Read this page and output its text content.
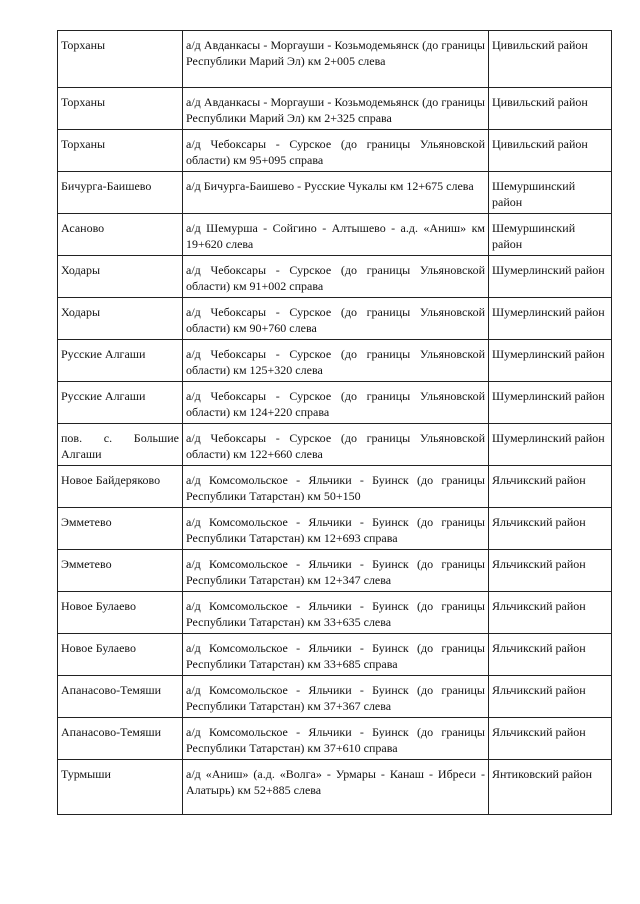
Торханы	а/д Авданкасы - Моргауши - Козьмодемьянск (до границы Республики Марий Эл) км 2+005 слева	Цивильский район
Торханы	а/д Авданкасы - Моргауши - Козьмодемьянск (до границы Республики Марий Эл) км 2+325 справа	Цивильский район
Торханы	а/д Чебоксары - Сурское (до границы Ульяновской области) км 95+095 справа	Цивильский район
Бичурга-Баишево	а/д Бичурга-Баишево - Русские Чукалы км 12+675 слева	Шемуршинский район
Асаново	а/д Шемурша - Сойгино - Алтышево - а.д. «Аниш» км 19+620 слева	Шемуршинский район
Ходары	а/д Чебоксары - Сурское (до границы Ульяновской области) км 91+002 справа	Шумерлинский район
Ходары	а/д Чебоксары - Сурское (до границы Ульяновской области) км 90+760 слева	Шумерлинский район
Русские Алгаши	а/д Чебоксары - Сурское (до границы Ульяновской области) км 125+320 слева	Шумерлинский район
Русские Алгаши	а/д Чебоксары - Сурское (до границы Ульяновской области) км 124+220 справа	Шумерлинский район
пов. с. Большие Алгаши	а/д Чебоксары - Сурское (до границы Ульяновской области) км 122+660 слева	Шумерлинский район
Новое Байдеряково	а/д Комсомольское - Яльчики - Буинск (до границы Республики Татарстан) км 50+150	Яльчикский район
Эмметево	а/д Комсомольское - Яльчики - Буинск (до границы Республики Татарстан) км 12+693 справа	Яльчикский район
Эмметево	а/д Комсомольское - Яльчики - Буинск (до границы Республики Татарстан) км 12+347 слева	Яльчикский район
Новое Булаево	а/д Комсомольское - Яльчики - Буинск (до границы Республики Татарстан) км 33+635 слева	Яльчикский район
Новое Булаево	а/д Комсомольское - Яльчики - Буинск (до границы Республики Татарстан) км 33+685 справа	Яльчикский район
Апанасово-Темяши	а/д Комсомольское - Яльчики - Буинск (до границы Республики Татарстан) км 37+367 слева	Яльчикский район
Апанасово-Темяши	а/д Комсомольское - Яльчики - Буинск (до границы Республики Татарстан) км 37+610 справа	Яльчикский район
Турмыши	а/д «Аниш» (а.д. «Волга» - Урмары - Канаш - Ибреси - Алатырь) км 52+885 слева	Янтиковский район
